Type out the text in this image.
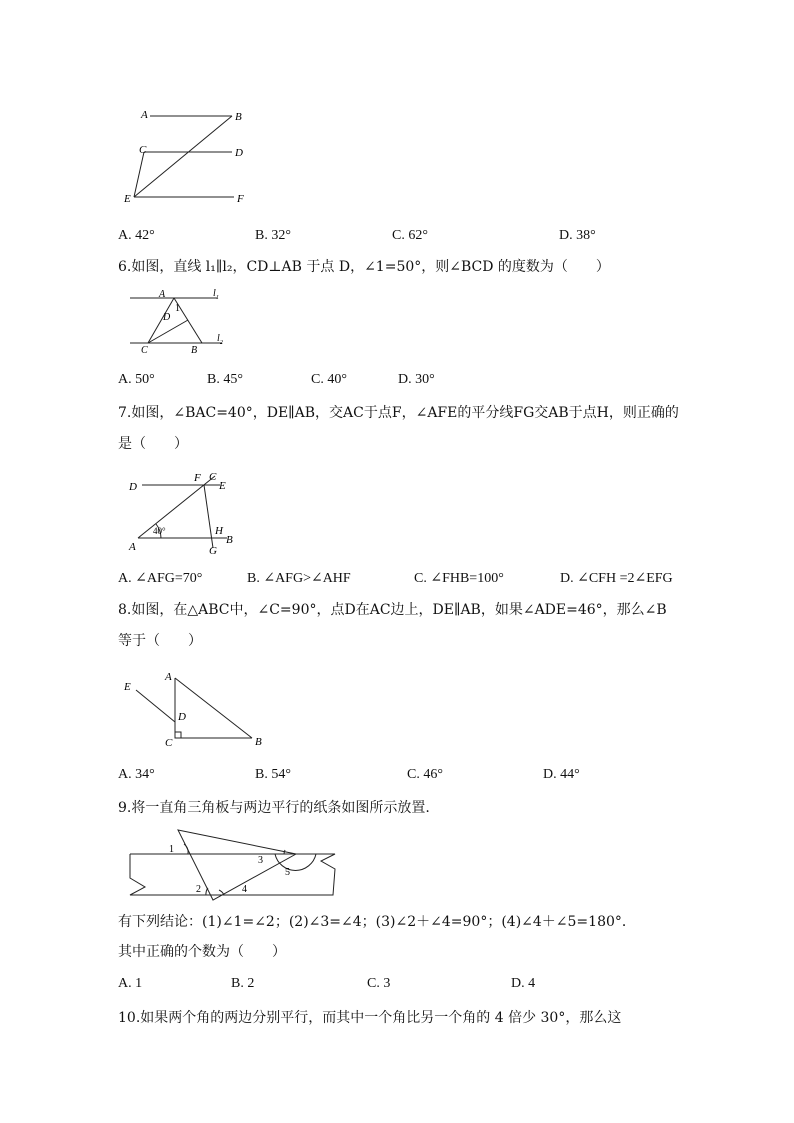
A	B
C	D
E	F
A. 42°	B. 32°	C. 62°	D. 38°
6.如图，直线 l₁∥l₂，CD⊥AB 于点 D，∠1=50°，则∠BCD 的度数为（　　）
A
1
D
C	B
l 1
l 2
A. 50°	B. 45°	C. 40°	D. 30°
7.如图，∠BAC=40°，DE∥AB，交AC于点F，∠AFE的平分线FG交AB于点H，则正确的
是（　　）
D
F C
E
A
40°	H
B
G
A. ∠AFG=70°	B. ∠AFG>∠AHF	C. ∠FHB=100°	D. ∠CFH =2∠EFG
8.如图，在△ABC中，∠C=90°，点D在AC边上，DE∥AB，如果∠ADE=46°，那么∠B
等于（　　）
E
A
D
C	B
A. 34°	B. 54°	C. 46°	D. 44°
9.将一直角三角板与两边平行的纸条如图所示放置.
1
2
3
4
5
有下列结论：(1)∠1=∠2；(2)∠3=∠4；(3)∠2＋∠4=90°；(4)∠4＋∠5=180°．
其中正确的个数为（　　）
A. 1	B. 2	C. 3	D. 4
10.如果两个角的两边分别平行，而其中一个角比另一个角的 4 倍少 30°，那么这
